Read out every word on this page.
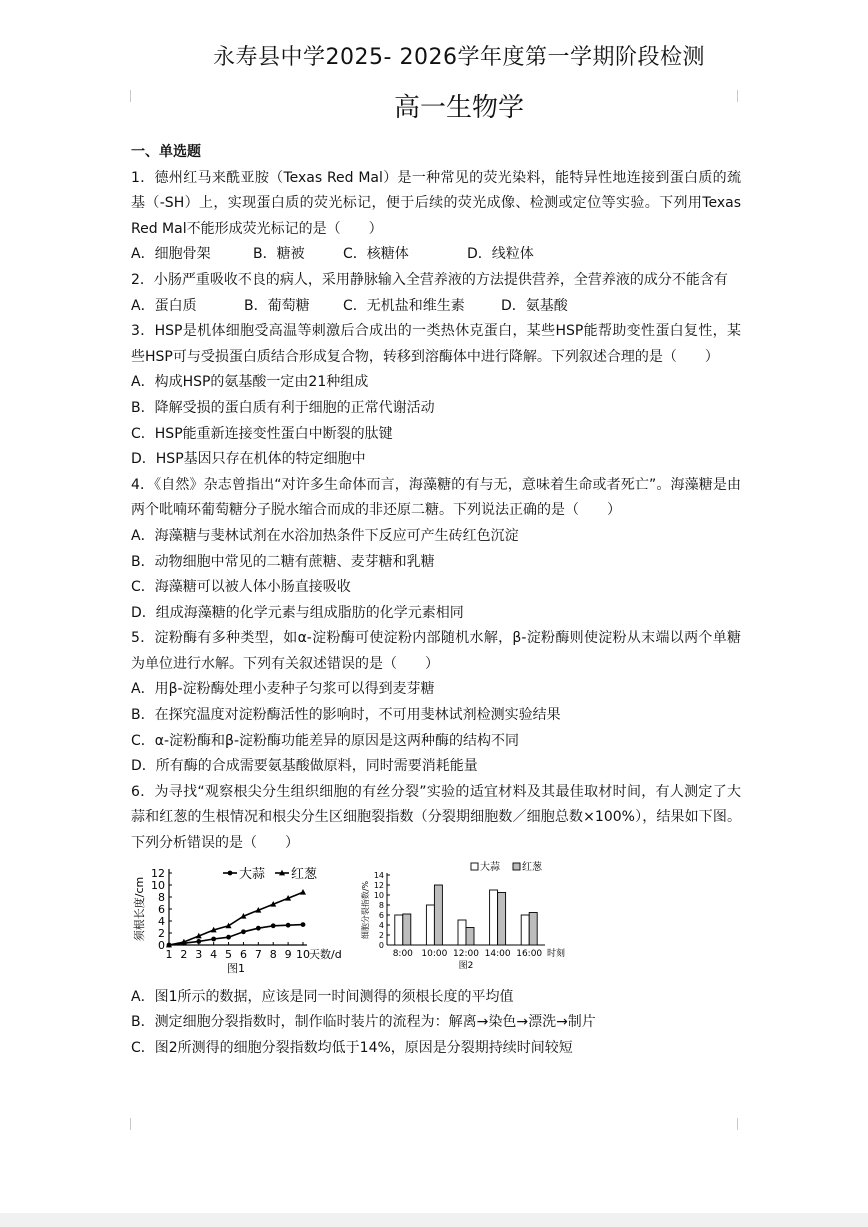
永寿县中学2025- 2026学年度第一学期阶段检测
高一生物学
一、单选题

1．德州红马来酰亚胺（Texas Red Mal）是一种常见的荧光染料，能特异性地连接到蛋白质的巯基（-SH）上，实现蛋白质的荧光标记，便于后续的荧光成像、检测或定位等实验。下列用Texas Red Mal不能形成荧光标记的是（　　）

A．细胞骨架	B．糖被	C．核糖体	D．线粒体

2．小肠严重吸收不良的病人，采用静脉输入全营养液的方法提供营养，全营养液的成分不能含有

A．蛋白质	B．葡萄糖	C．无机盐和维生素	D．氨基酸

3．HSP是机体细胞受高温等刺激后合成出的一类热休克蛋白，某些HSP能帮助变性蛋白复性，某些HSP可与受损蛋白质结合形成复合物，转移到溶酶体中进行降解。下列叙述合理的是（　　）

A．构成HSP的氨基酸一定由21种组成

B．降解受损的蛋白质有利于细胞的正常代谢活动

C．HSP能重新连接变性蛋白中断裂的肽键

D．HSP基因只存在机体的特定细胞中

4．《自然》杂志曾指出“对许多生命体而言，海藻糖的有与无，意味着生命或者死亡”。海藻糖是由两个吡喃环葡萄糖分子脱水缩合而成的非还原二糖。下列说法正确的是（　　）

A．海藻糖与斐林试剂在水浴加热条件下反应可产生砖红色沉淀

B．动物细胞中常见的二糖有蔗糖、麦芽糖和乳糖

C．海藻糖可以被人体小肠直接吸收

D．组成海藻糖的化学元素与组成脂肪的化学元素相同

5．淀粉酶有多种类型，如α-淀粉酶可使淀粉内部随机水解，β-淀粉酶则使淀粉从末端以两个单糖为单位进行水解。下列有关叙述错误的是（　　）

A．用β-淀粉酶处理小麦种子匀浆可以得到麦芽糖

B．在探究温度对淀粉酶活性的影响时，不可用斐林试剂检测实验结果

C．α-淀粉酶和β-淀粉酶功能差异的原因是这两种酶的结构不同

D．所有酶的合成需要氨基酸做原料，同时需要消耗能量

6．为寻找“观察根尖分生组织细胞的有丝分裂”实验的适宜材料及其最佳取材时间，有人测定了大蒜和红葱的生根情况和根尖分生区细胞裂指数（分裂期细胞数／细胞总数×100%），结果如下图。下列分析错误的是（　　）

0
2
4
6
8
10
12
1 2 3 4 5 6 7 8 9 10 天数/d
图1
须根长度/cm
大蒜 红葱
0
2
4
6
8
10
12
14
8:00 10:00 12:00 14:00 16:00 时刻
图2
细胞分裂指数/%
大蒜 红葱

A．图1所示的数据，应该是同一时间测得的须根长度的平均值

B．测定细胞分裂指数时，制作临时装片的流程为：解离→染色→漂洗→制片

C．图2所测得的细胞分裂指数均低于14%，原因是分裂期持续时间较短
